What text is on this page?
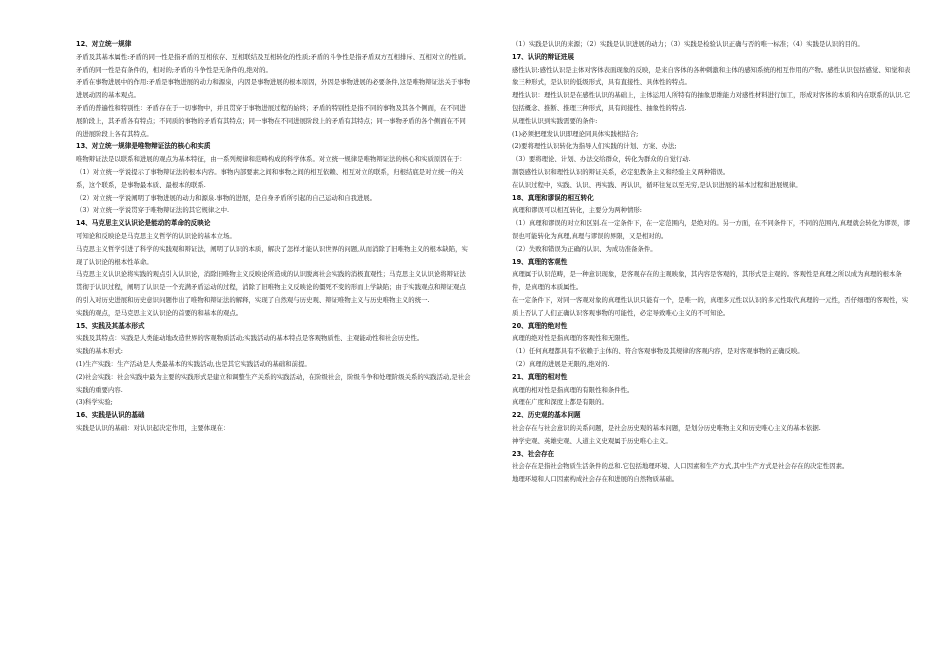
12、对立统一规律

矛盾及其基本属性:矛盾的同一性是指矛盾的互相依存、互相联结及互相转化的性质;矛盾的斗争性是指矛盾双方互相排斥、互相对立的性质。矛盾的同一性是有条件的，相对的;矛盾的斗争性是无条件的,绝对的。

矛盾在事物进展中的作用:矛盾是事物进展的动力和源泉，内因是事物进展的根本原因，外因是事物进展的必要条件,这是唯物辩证法关于事物进展动因的基本观点。

矛盾的普遍性和特别性：矛盾存在于一切事物中，并且贯穿于事物进展过程的始终；矛盾的特别性是指不同的事物及其各个侧面，在不同进展阶段上，其矛盾各有特点；不同质的事物的矛盾有其特点；同一事物在不同进展阶段上的矛盾有其特点；同一事物矛盾的各个侧面在不同的进展阶段上各有其特点。

13、对立统一规律是唯物辩证法的核心和实质

唯物辩证法是以联系和进展的观点为基本特征，由一系列规律和范畴构成的科学体系。对立统一规律是唯物辩证法的核心和实质原因在于：

（1）对立统一学说提示了事物辩证法的根本内容。事物内部要素之间和事物之间的相互依赖、相互对立的联系，归根结底是对立统一的关系，这个联系，是事物最本质、最根本的联系.

（2）对立统一学说阐明了事物进展的动力和源泉.事物的进展，是自身矛盾所引起的自己运动和自我进展。

（3）对立统一学说贯穿于唯物辩证法的其它规律之中.

14、马克思主义认识论是能动的革命的反映论

可知论和反映论是马克思主义哲学的认识论的基本立场。

马克思主义哲学引进了科学的实践观和辩证法，阐明了认识的本质，解决了怎样才能认识世界的问题,从而消除了旧唯物主义的根本缺陷，实现了认识论的根本性革命。

马克思主义认识论将实践的观点引入认识论，消除旧唯物主义反映论所造成的认识脱离社会实践的消极直观性；马克思主义认识论将辩证法贯彻于认识过程，阐明了认识是一个充满矛盾运动的过程，消除了旧唯物主义反映论的僵死不变的形而上学缺陷；由于实践观点和辩证观点的引入对历史进展和历史意识问题作出了唯物和辩证法的解释，实现了自然观与历史观、辩证唯物主义与历史唯物主义的统一.

实践的观点，是马克思主义认识论的首要的和基本的观点。

15、实践及其基本形式

实践及其特点：实践是人类能动地改造世界的客观物质活动;实践活动的基本特点是客观物质性、主观能动性和社会历史性。

实践的基本形式:

(1)生产实践：生产活动是人类最基本的实践活动,也是其它实践活动的基础和前提。

(2)社会实践：社会实践中最为主要的实践形式是建立和调整生产关系的实践活动，在阶级社会，阶级斗争和处理阶级关系的实践活动,是社会实践的重要内容.

(3)科学实验;

16、实践是认识的基础

实践是认识的基础：对认识起决定作用，主要体现在：

（1）实践是认识的来源；（2）实践是认识进展的动力；（3）实践是检验认识正确与否的唯一标准；（4）实践是认识的目的。

17、认识的辩证进展

感性认识:感性认识是主体对客体表面现象的反映，是来自客体的各种刺激和主体的感知系统的相互作用的产物。感性认识包括感觉、知觉和表象三种形式，是认识的低级形式，具有直接性、具体性的特点。

理性认识：理性认识是在感性认识的基础上，主体运用人所特有的抽象思维能力对感性材料进行加工，形成对客体的本质和内在联系的认识.它包括概念、推断、推理三种形式，具有间接性、抽象性的特点.

从理性认识到实践需要的条件:

(1)必须把理发认识即理论同具体实践相结合;

(2)要将理性认识转化为指导人们实践的计划、方案、办法;

（3）要将理论、计划、办法交给群众，转化为群众的自觉行动.

割裂感性认识和理性认识的辩证关系，必定犯教条主义和经验主义两种错误。

在认识过程中，实践、认识、再实践、再认识，循环往复以至无穷,是认识进展的基本过程和进展规律。

18、真理和谬误的相互转化

真理和谬误可以相互转化，主要分为两种情形:

（1）真理和谬误的对立和区别.在一定条件下，在一定范围内，是绝对的。另一方面，在不同条件下，不同的范围内,真理就会转化为谬误，谬误也可能转化为真理,真理与谬误的界限，又是相对的。

（2）失败和错误为正确的认识、为成功准备条件。

19、真理的客观性

真理属于认识范畴，是一种意识现象，是客观存在的主观映象，其内容是客观的，其形式是主观的。客观性是真理之所以成为真理的根本条件，是真理的本质属性。

在一定条件下，对同一客观对象的真理性认识只能有一个，是唯一的，真理多元性以认识的多元性取代真理的一元性，否仔细理的客观性，实质上否认了人们正确认识客观事物的可能性，必定导致唯心主义的不可知论。

20、真理的绝对性

真理的绝对性是指真理的客观性和无限性。

（1）任何真理都具有不依赖于主体的、符合客观事物及其规律的客观内容，是对客观事物的正确反映。

（2）真理的进展是无限的,绝对的.

21、真理的相对性

真理的相对性是指真理的有限性和条件性。

真理在广度和深度上都是有限的。

22、历史观的基本问题

社会存在与社会意识的关系问题，是社会历史观的基本问题，是划分历史唯物主义和历史唯心主义的基本依据.

神学史观、英雄史观、人道主义史观属于历史唯心主义。

23、社会存在

社会存在是指社会物质生活条件的总和.它包括地理环境、人口因素和生产方式,其中生产方式是社会存在的决定性因素。

地理环境和人口因素构成社会存在和进展的自然物质基础。
